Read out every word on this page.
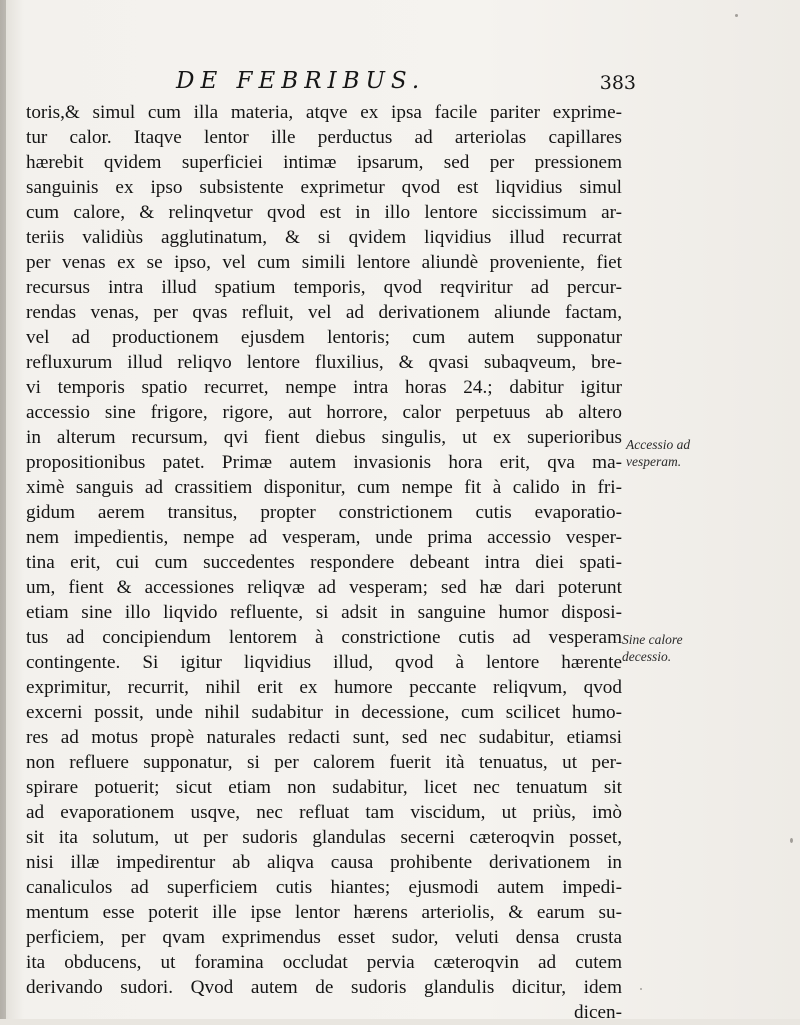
DE FEBRIBUS.	383
toris,& simul cum illa materia, atqve ex ipsa facile pariter exprime-
tur calor. Itaqve lentor ille perductus ad arteriolas capillares
hærebit qvidem superficiei intimæ ipsarum, sed per pressionem
sanguinis ex ipso subsistente exprimetur qvod est liqvidius simul
cum calore, & relinqvetur qvod est in illo lentore siccissimum ar-
teriis validiùs agglutinatum, & si qvidem liqvidius illud recurrat
per venas ex se ipso, vel cum simili lentore aliundè proveniente, fiet
recursus intra illud spatium temporis, qvod reqviritur ad percur-
rendas venas, per qvas refluit, vel ad derivationem aliunde factam,
vel ad productionem ejusdem lentoris; cum autem supponatur
refluxurum illud reliqvo lentore fluxilius, & qvasi subaqveum, bre-
vi temporis spatio recurret, nempe intra horas 24.; dabitur igitur
accessio sine frigore, rigore, aut horrore, calor perpetuus ab altero
in alterum recursum, qvi fient diebus singulis, ut ex superioribus
propositionibus patet. Primæ autem invasionis hora erit, qva ma-
ximè sanguis ad crassitiem disponitur, cum nempe fit à calido in fri-
gidum aerem transitus, propter constrictionem cutis evaporatio-
nem impedientis, nempe ad vesperam, unde prima accessio vesper-
tina erit, cui cum succedentes respondere debeant intra diei spati-
um, fient & accessiones reliqvæ ad vesperam; sed hæ dari poterunt
etiam sine illo liqvido refluente, si adsit in sanguine humor disposi-
tus ad concipiendum lentorem à constrictione cutis ad vesperam
contingente. Si igitur liqvidius illud, qvod à lentore hærente
exprimitur, recurrit, nihil erit ex humore peccante reliqvum, qvod
excerni possit, unde nihil sudabitur in decessione, cum scilicet humo-
res ad motus propè naturales redacti sunt, sed nec sudabitur, etiamsi
non refluere supponatur, si per calorem fuerit ità tenuatus, ut per-
spirare potuerit; sicut etiam non sudabitur, licet nec tenuatum sit
ad evaporationem usqve, nec refluat tam viscidum, ut priùs, imò
sit ita solutum, ut per sudoris glandulas secerni cæteroqvin posset,
nisi illæ impedirentur ab aliqva causa prohibente derivationem in
canaliculos ad superficiem cutis hiantes; ejusmodi autem impedi-
mentum esse poterit ille ipse lentor hærens arteriolis, & earum su-
perficiem, per qvam exprimendus esset sudor, veluti densa crusta
ita obducens, ut foramina occludat pervia cæteroqvin ad cutem
derivando sudori. Qvod autem de sudoris glandulis dicitur, idem
dicen-
Accessio ad
vesperam.
Sine calore
decessio.
